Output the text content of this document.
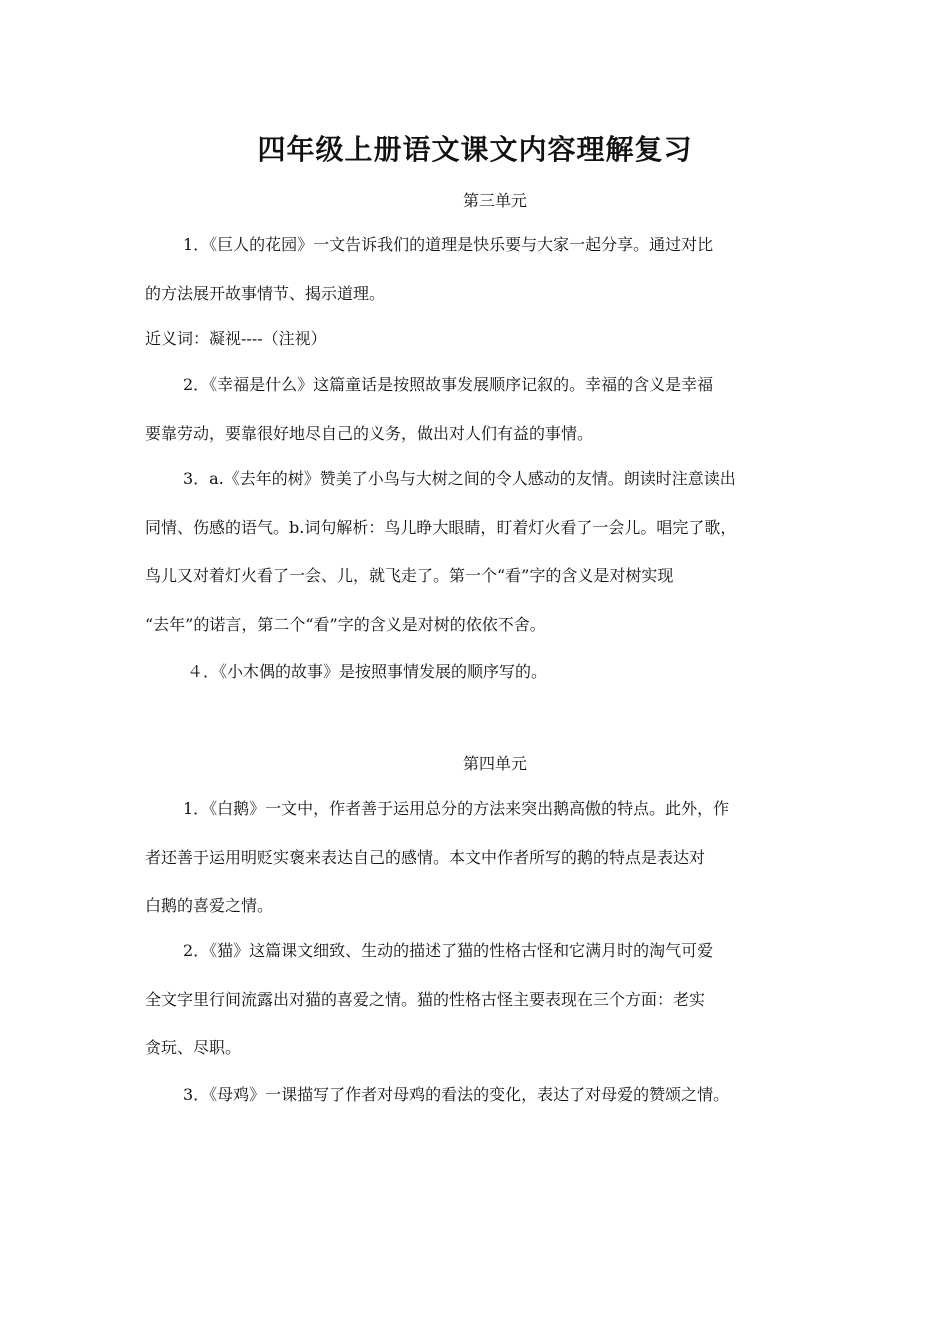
四年级上册语文课文内容理解复习
第三单元
1．《巨人的花园》一文告诉我们的道理是快乐要与大家一起分享。通过对比
的方法展开故事情节、揭示道理。
近义词：凝视----（注视）
2．《幸福是什么》这篇童话是按照故事发展顺序记叙的。幸福的含义是幸福
要靠劳动，要靠很好地尽自己的义务，做出对人们有益的事情。
3．a.《去年的树》赞美了小鸟与大树之间的令人感动的友情。朗读时注意读出
同情、伤感的语气。b.词句解析：鸟儿睁大眼睛，盯着灯火看了一会儿。唱完了歌，
鸟儿又对着灯火看了一会、儿，就飞走了。第一个“看”字的含义是对树实现
“去年”的诺言，第二个“看”字的含义是对树的依依不舍。
４．《小木偶的故事》是按照事情发展的顺序写的。
第四单元
1．《白鹅》一文中，作者善于运用总分的方法来突出鹅高傲的特点。此外，作
者还善于运用明贬实褒来表达自己的感情。本文中作者所写的鹅的特点是表达对
白鹅的喜爱之情。
2．《猫》这篇课文细致、生动的描述了猫的性格古怪和它满月时的淘气可爱
全文字里行间流露出对猫的喜爱之情。猫的性格古怪主要表现在三个方面：老实
贪玩、尽职。
3．《母鸡》一课描写了作者对母鸡的看法的变化，表达了对母爱的赞颂之情。
